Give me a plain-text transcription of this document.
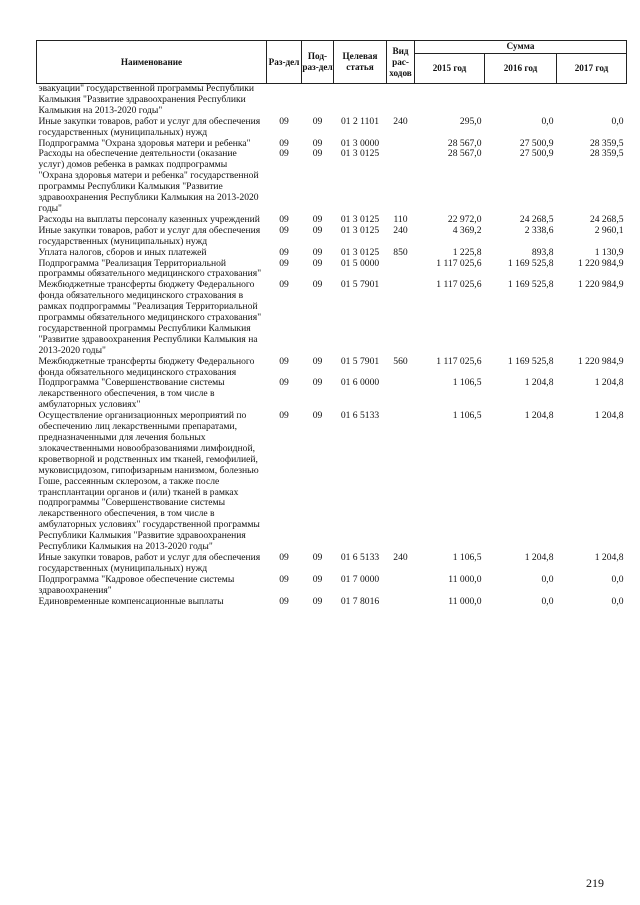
Наименование	Раз-дел	Под-раз-дел	Целевая статья	Вид рас-ходов	Сумма		
					2015 год	2016 год	2017 год
эвакуации" государственной программы Республики Калмыкия "Развитие здравоохранения Республики Калмыкия на 2013-2020 годы"							
Иные закупки товаров, работ и услуг для обеспечения государственных (муниципальных) нужд	09	09	01 2 1101	240	295,0	0,0	0,0
Подпрограмма "Охрана здоровья матери и ребенка"	09	09	01 3 0000		28 567,0	27 500,9	28 359,5
Расходы на обеспечение деятельности (оказание услуг) домов ребенка в рамках подпрограммы "Охрана здоровья матери и ребенка" государственной программы Республики Калмыкия "Развитие здравоохранения Республики Калмыкия на 2013-2020 годы"	09	09	01 3 0125		28 567,0	27 500,9	28 359,5
Расходы на выплаты персоналу казенных учреждений	09	09	01 3 0125	110	22 972,0	24 268,5	24 268,5
Иные закупки товаров, работ и услуг для обеспечения государственных (муниципальных) нужд	09	09	01 3 0125	240	4 369,2	2 338,6	2 960,1
Уплата налогов, сборов и иных платежей	09	09	01 3 0125	850	1 225,8	893,8	1 130,9
Подпрограмма "Реализация Территориальной программы обязательного медицинского страхования"	09	09	01 5 0000		1 117 025,6	1 169 525,8	1 220 984,9
Межбюджетные трансферты бюджету Федерального фонда обязательного медицинского страхования в рамках подпрограммы "Реализация Территориальной программы обязательного медицинского страхования" государственной программы Республики Калмыкия "Развитие здравоохранения Республики Калмыкия на 2013-2020 годы"	09	09	01 5 7901		1 117 025,6	1 169 525,8	1 220 984,9
Межбюджетные трансферты бюджету Федерального фонда обязательного медицинского страхования	09	09	01 5 7901	560	1 117 025,6	1 169 525,8	1 220 984,9
Подпрограмма "Совершенствование системы лекарственного обеспечения, в том числе в амбулаторных условиях"	09	09	01 6 0000		1 106,5	1 204,8	1 204,8
Осуществление организационных мероприятий по обеспечению лиц лекарственными препаратами, предназначенными для лечения больных злокачественными новообразованиями лимфоидной, кроветворной и родственных им тканей, гемофилией, муковисцидозом, гипофизарным нанизмом, болезнью Гоше, рассеянным склерозом, а также после трансплантации органов и (или) тканей в рамках подпрограммы "Совершенствование системы лекарственного обеспечения, в том числе в амбулаторных условиях" государственной программы Республики Калмыкия "Развитие здравоохранения Республики Калмыкия на 2013-2020 годы"	09	09	01 6 5133		1 106,5	1 204,8	1 204,8
Иные закупки товаров, работ и услуг для обеспечения государственных (муниципальных) нужд	09	09	01 6 5133	240	1 106,5	1 204,8	1 204,8
Подпрограмма "Кадровое обеспечение системы здравоохранения"	09	09	01 7 0000		11 000,0	0,0	0,0
Единовременные компенсационные выплаты	09	09	01 7 8016		11 000,0	0,0	0,0
219
